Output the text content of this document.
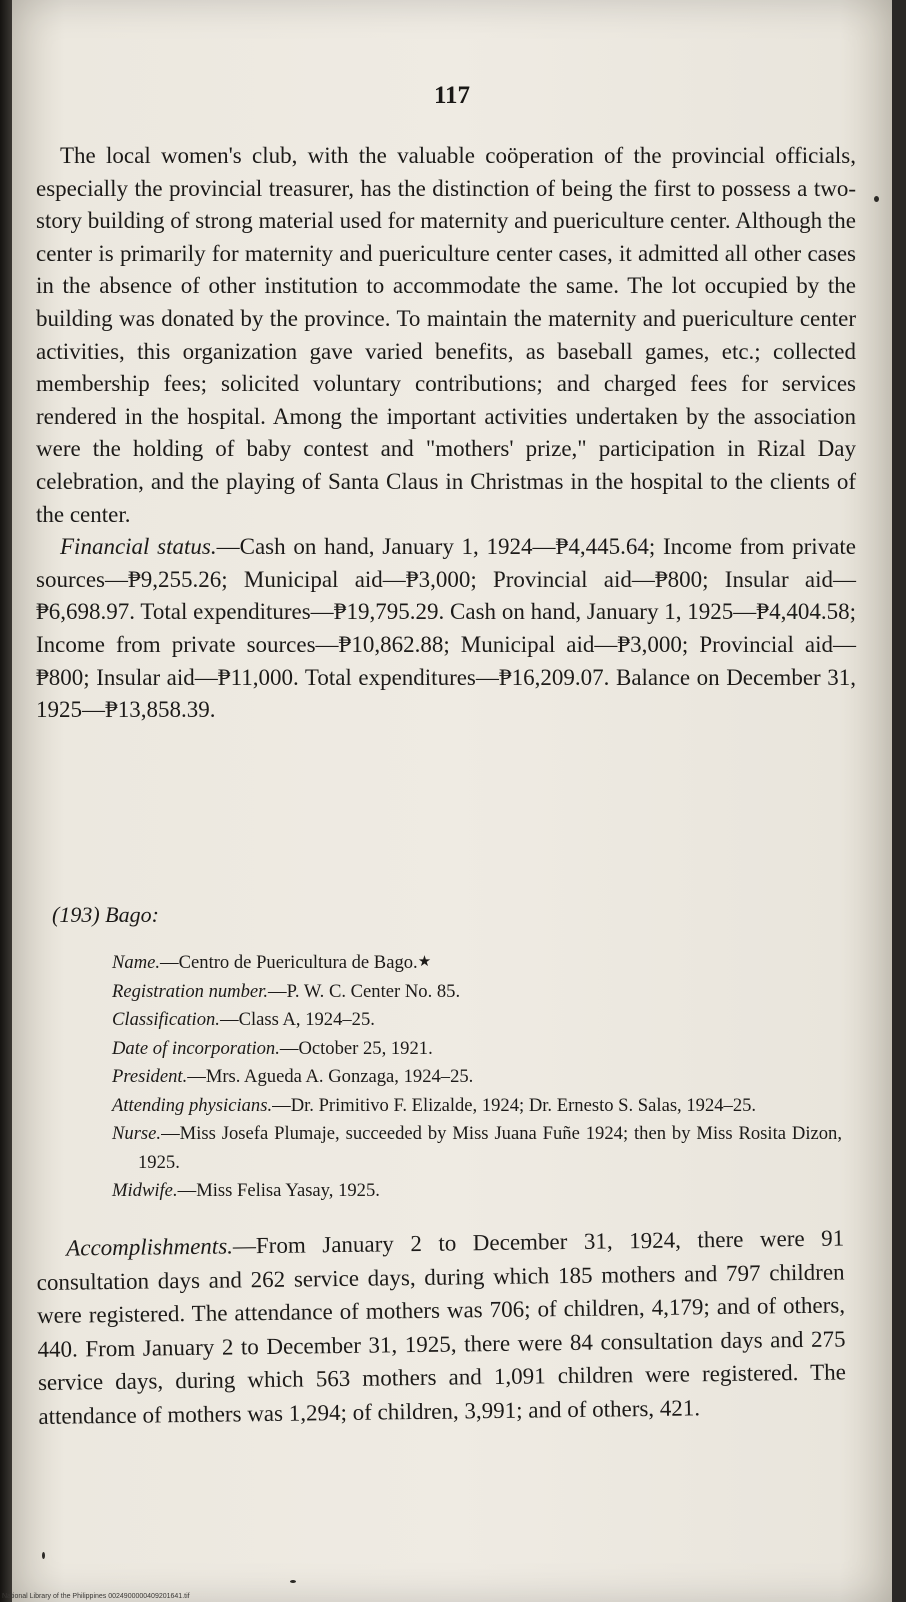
117

The local women's club, with the valuable coöperation of the provincial officials, especially the provincial treasurer, has the distinction of being the first to possess a two-story building of strong material used for maternity and puericulture center. Although the center is primarily for maternity and puericulture center cases, it admitted all other cases in the absence of other institution to accommodate the same. The lot occupied by the building was donated by the province. To maintain the maternity and puericulture center activities, this organization gave varied benefits, as baseball games, etc.; collected membership fees; solicited voluntary contributions; and charged fees for services rendered in the hospital. Among the important activities undertaken by the association were the holding of baby contest and "mothers' prize," participation in Rizal Day celebration, and the playing of Santa Claus in Christmas in the hospital to the clients of the center.

Financial status.—Cash on hand, January 1, 1924—₱4,445.64; Income from private sources—₱9,255.26; Municipal aid—₱3,000; Provincial aid—₱800; Insular aid—₱6,698.97. Total expenditures—₱19,795.29. Cash on hand, January 1, 1925—₱4,404.58; Income from private sources—₱10,862.88; Municipal aid—₱3,000; Provincial aid—₱800; Insular aid—₱11,000. Total expenditures—₱16,209.07. Balance on December 31, 1925—₱13,858.39.

(193) Bago:

Name.—Centro de Puericultura de Bago.★

Registration number.—P. W. C. Center No. 85.

Classification.—Class A, 1924–25.

Date of incorporation.—October 25, 1921.

President.—Mrs. Agueda A. Gonzaga, 1924–25.

Attending physicians.—Dr. Primitivo F. Elizalde, 1924; Dr. Ernesto S. Salas, 1924–25.

Nurse.—Miss Josefa Plumaje, succeeded by Miss Juana Fuñe 1924; then by Miss Rosita Dizon, 1925.

Midwife.—Miss Felisa Yasay, 1925.

Accomplishments.—From January 2 to December 31, 1924, there were 91 consultation days and 262 service days, during which 185 mothers and 797 children were registered. The attendance of mothers was 706; of children, 4,179; and of others, 440. From January 2 to December 31, 1925, there were 84 consultation days and 275 service days, during which 563 mothers and 1,091 children were registered. The attendance of mothers was 1,294; of children, 3,991; and of others, 421.

National Library of the Philippines 0024900000409201641.tif
